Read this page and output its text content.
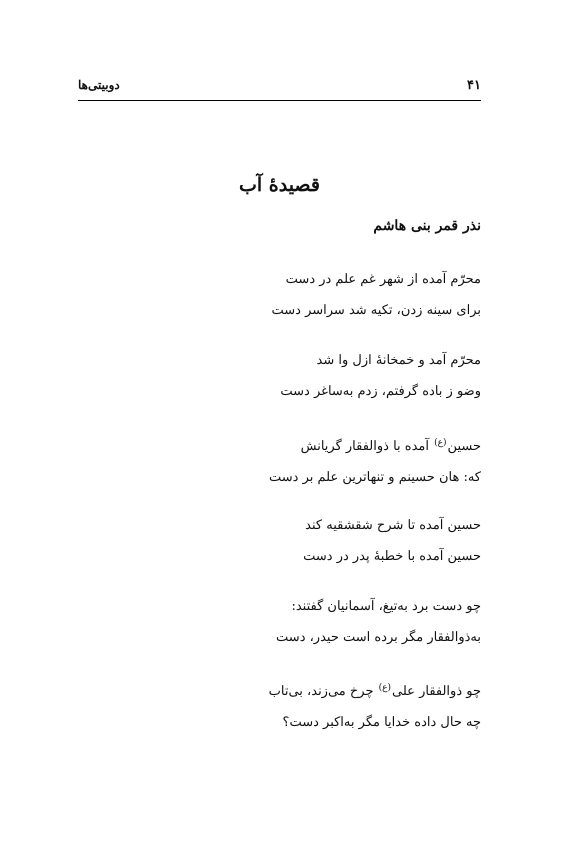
دوبیتی‌ها	۴۱
قصیدهٔ آب
نذر قمر بنی هاشم
محرّم آمده از شهر غم علم در دست
برای سینه زدن، تکیه شد سراسر دست
محرّم آمد و خمخانهٔ ازل وا شد
وضو ز باده گرفتم، زدم به‌ساغر دست
حسین$^{(ع)}$ آمده با ذوالفقار گریانش
که: هان حسینم و تنهاترین علم بر دست
حسین آمده تا شرح شقشقیه کند
حسین آمده با خطبهٔ پدر در دست
چو دست برد به‌تیغ، آسمانیان گفتند:
به‌ذوالفقار مگر برده است حیدر، دست
چو ذوالفقار علی$^{(ع)}$ چرخ می‌زند، بی‌تاب
چه حال داده خدایا مگر به‌اکبر دست؟
